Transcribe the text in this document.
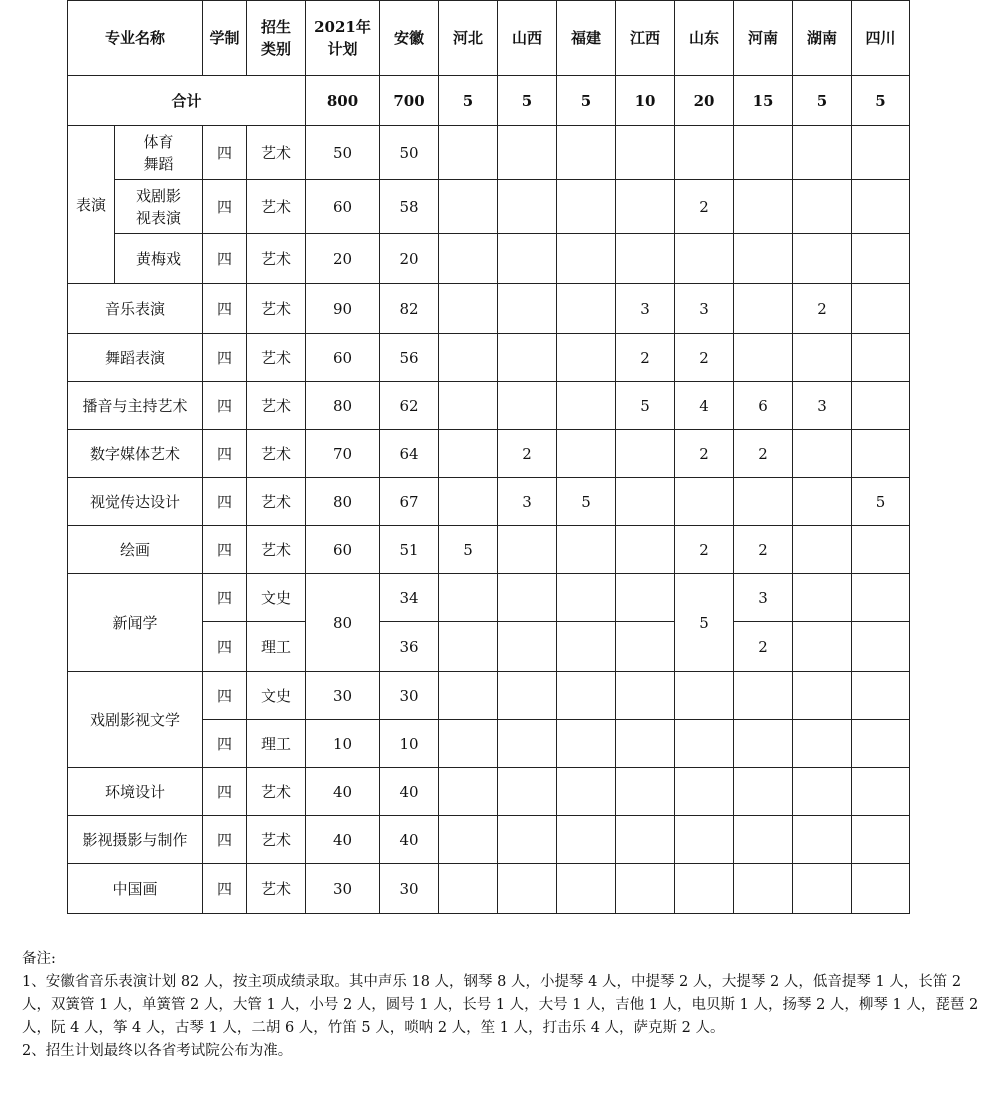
专业名称		学制	招生类别	2021年计划	安徽	河北	山西	福建	江西	山东	河南	湖南	四川
合计				800	700	5	5	5	10	20	15	5	5
表演	体育舞蹈	四	艺术	50	50								
	戏剧影视表演	四	艺术	60	58					2			
	黄梅戏	四	艺术	20	20								
音乐表演		四	艺术	90	82				3	3		2	
舞蹈表演		四	艺术	60	56				2	2			
播音与主持艺术		四	艺术	80	62				5	4	6	3	
数字媒体艺术		四	艺术	70	64		2			2	2		
视觉传达设计		四	艺术	80	67		3	5					5
绘画		四	艺术	60	51	5				2	2		
新闻学		四	文史	80	34					5	3		
		四	理工		36						2		
戏剧影视文学		四	文史	30	30								
		四	理工	10	10								
环境设计		四	艺术	40	40								
影视摄影与制作		四	艺术	40	40								
中国画		四	艺术	30	30								

备注:

1、安徽省音乐表演计划 82 人，按主项成绩录取。其中声乐 18 人，钢琴 8 人，小提琴 4 人，中提琴 2 人，大提琴 2 人，低音提琴 1 人，长笛 2 人，双簧管 1 人，单簧管 2 人，大管 1 人，小号 2 人，圆号 1 人，长号 1 人，大号 1 人，吉他 1 人，电贝斯 1 人，扬琴 2 人，柳琴 1 人，琵琶 2 人，阮 4 人，筝 4 人，古琴 1 人，二胡 6 人，竹笛 5 人，唢呐 2 人，笙 1 人，打击乐 4 人，萨克斯 2 人。

2、招生计划最终以各省考试院公布为准。
